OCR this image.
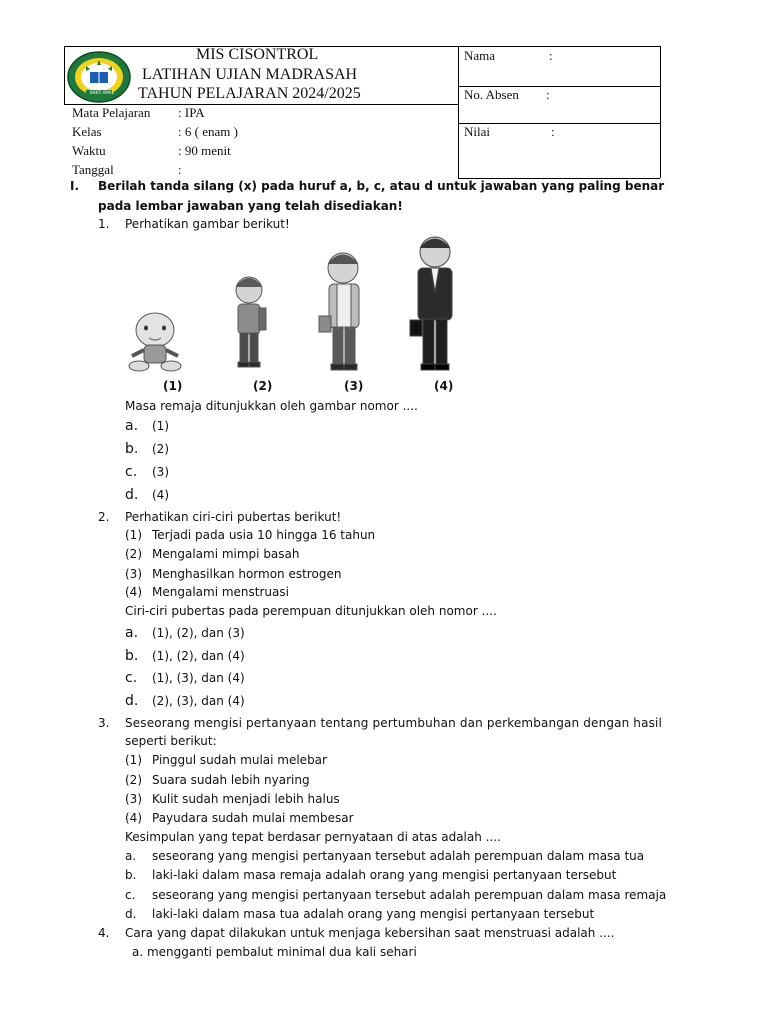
BAKTI AMAL
MIS CISONTROL
LATIHAN UJIAN MADRASAH
TAHUN PELAJARAN 2024/2025
Mata Pelajaran : IPA
Kelas	: 6 ( enam )
Waktu	: 90 menit
Tanggal	:
Nama	:
No. Absen :
Nilai	:
I. Berilah tanda silang (x) pada huruf a, b, c, atau d untuk jawaban yang paling benar
pada lembar jawaban yang telah disediakan!
1. Perhatikan gambar berikut!
(1)	(2)	(3)	(4)
Masa remaja ditunjukkan oleh gambar nomor ....
a. (1)
b. (2)
c. (3)
d. (4)
2. Perhatikan ciri-ciri pubertas berikut!
(1) Terjadi pada usia 10 hingga 16 tahun
(2) Mengalami mimpi basah
(3) Menghasilkan hormon estrogen
(4) Mengalami menstruasi
Ciri-ciri pubertas pada perempuan ditunjukkan oleh nomor ....
a. (1), (2), dan (3)
b. (1), (2), dan (4)
c. (1), (3), dan (4)
d. (2), (3), dan (4)
3. Seseorang mengisi pertanyaan tentang pertumbuhan dan perkembangan dengan hasil
seperti berikut:
(1) Pinggul sudah mulai melebar
(2) Suara sudah lebih nyaring
(3) Kulit sudah menjadi lebih halus
(4) Payudara sudah mulai membesar
Kesimpulan yang tepat berdasar pernyataan di atas adalah ....
a. seseorang yang mengisi pertanyaan tersebut adalah perempuan dalam masa tua
b. laki-laki dalam masa remaja adalah orang yang mengisi pertanyaan tersebut
c. seseorang yang mengisi pertanyaan tersebut adalah perempuan dalam masa remaja
d. laki-laki dalam masa tua adalah orang yang mengisi pertanyaan tersebut
4. Cara yang dapat dilakukan untuk menjaga kebersihan saat menstruasi adalah ....
a. mengganti pembalut minimal dua kali sehari
